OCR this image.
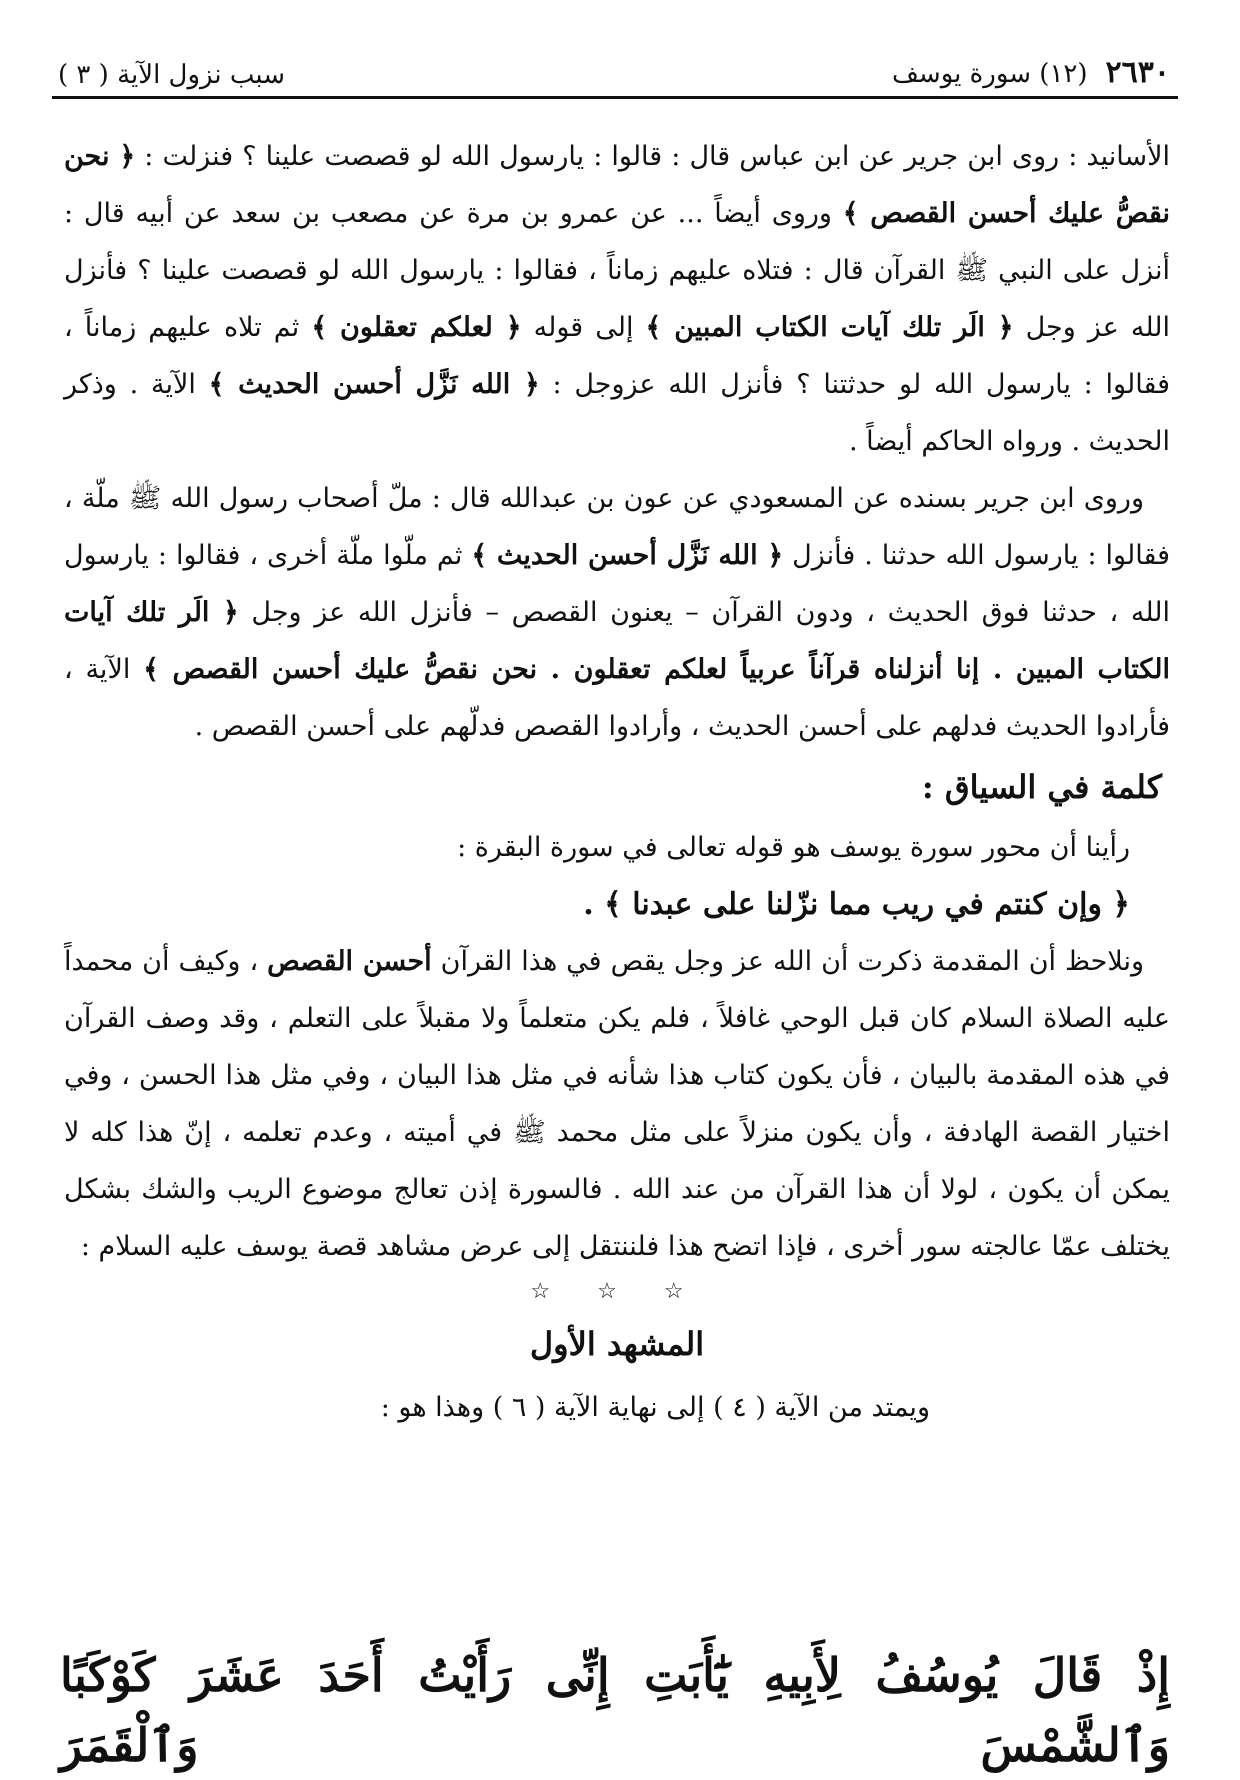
٢٦٣٠
(١٢) سورة يوسف
سبب نزول الآية ( ٣ )

الأسانيد : روى ابن جرير عن ابن عباس قال : قالوا : يارسول الله لو قصصت علينا ؟ فنزلت : ﴿ نحن نقصُّ عليك أحسن القصص ﴾ وروى أيضاً ... عن عمرو بن مرة عن مصعب بن سعد عن أبيه قال : أنزل على النبي ﷺ القرآن قال : فتلاه عليهم زماناً ، فقالوا : يارسول الله لو قصصت علينا ؟ فأنزل الله عز وجل ﴿ الَر تلك آيات الكتاب المبين ﴾ إلى قوله ﴿ لعلكم تعقلون ﴾ ثم تلاه عليهم زماناً ، فقالوا : يارسول الله لو حدثتنا ؟ فأنزل الله عزوجل : ﴿ الله نَزَّل أحسن الحديث ﴾ الآية . وذكر الحديث . ورواه الحاكم أيضاً .

وروى ابن جرير بسنده عن المسعودي عن عون بن عبدالله قال : ملّ أصحاب رسول الله ﷺ ملّة ، فقالوا : يارسول الله حدثنا . فأنزل ﴿ الله نَزَّل أحسن الحديث ﴾ ثم ملّوا ملّة أخرى ، فقالوا : يارسول الله ، حدثنا فوق الحديث ، ودون القرآن – يعنون القصص – فأنزل الله عز وجل ﴿ الَر تلك آيات الكتاب المبين . إنا أنزلناه قرآناً عربياً لعلكم تعقلون . نحن نقصُّ عليك أحسن القصص ﴾ الآية ، فأرادوا الحديث فدلهم على أحسن الحديث ، وأرادوا القصص فدلّهم على أحسن القصص .

كلمة في السياق :

رأينا أن محور سورة يوسف هو قوله تعالى في سورة البقرة :

﴿ وإن كنتم في ريب مما نزّلنا على عبدنا ﴾ .

ونلاحظ أن المقدمة ذكرت أن الله عز وجل يقص في هذا القرآن أحسن القصص ، وكيف أن محمداً عليه الصلاة السلام كان قبل الوحي غافلاً ، فلم يكن متعلماً ولا مقبلاً على التعلم ، وقد وصف القرآن في هذه المقدمة بالبيان ، فأن يكون كتاب هذا شأنه في مثل هذا البيان ، وفي مثل هذا الحسن ، وفي اختيار القصة الهادفة ، وأن يكون منزلاً على مثل محمد ﷺ في أميته ، وعدم تعلمه ، إنّ هذا كله لا يمكن أن يكون ، لولا أن هذا القرآن من عند الله . فالسورة إذن تعالج موضوع الريب والشك بشكل يختلف عمّا عالجته سور أخرى ، فإذا اتضح هذا فلننتقل إلى عرض مشاهد قصة يوسف عليه السلام :

☆ ☆ ☆

المشهد الأول

ويمتد من الآية ( ٤ ) إلى نهاية الآية ( ٦ ) وهذا هو :

إِذْ قَالَ يُوسُفُ لِأَبِيهِ يَٰٓأَبَتِ إِنِّى رَأَيْتُ أَحَدَ عَشَرَ كَوْكَبًا وَٱلشَّمْسَ وَٱلْقَمَرَ
